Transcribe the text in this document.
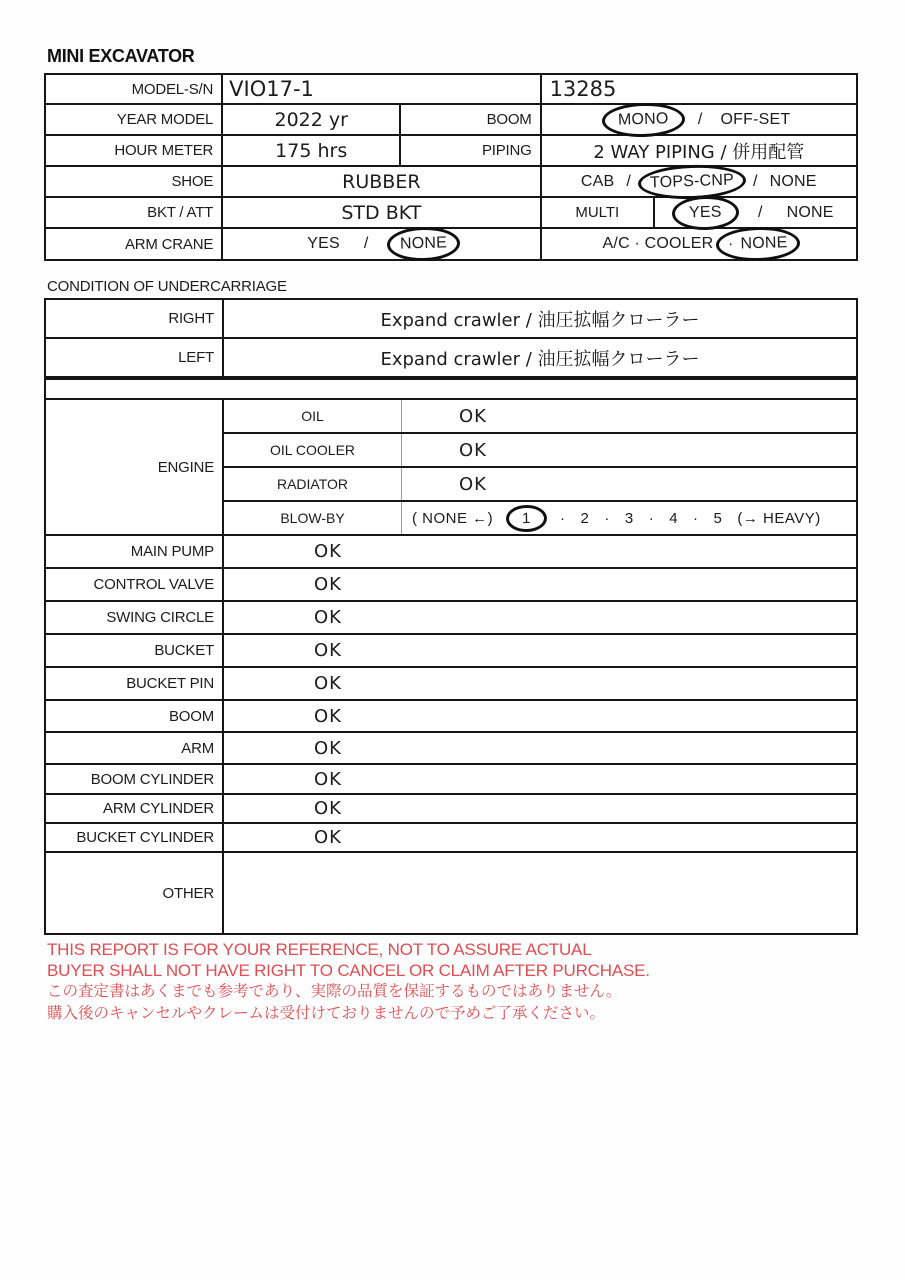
MINI EXCAVATOR
MODEL-S/N VIO17-1	13285
YEAR MODEL	2022 yr	BOOM	MONO / OFF-SET
HOUR METER	175 hrs	PIPING	2 WAY PIPING / 併用配管
SHOE	RUBBER	CAB / TOPS-CNP / NONE
BKT / ATT	STD BKT	MULTI	YES / NONE
ARM CRANE	YES / NONE	A/C · COOLER · NONE
CONDITION OF UNDERCARRIAGE
RIGHT	Expand crawler / 油圧拡幅クローラー
LEFT	Expand crawler / 油圧拡幅クローラー
ENGINE
OIL	OK
OIL COOLER	OK
RADIATOR	OK
BLOW-BY	( NONE ←) 1 · 2 · 3 · 4 · 5 (→ HEAVY)
MAIN PUMP	OK
CONTROL VALVE	OK
SWING CIRCLE	OK
BUCKET	OK
BUCKET PIN	OK
BOOM	OK
ARM	OK
BOOM CYLINDER	OK
ARM CYLINDER	OK
BUCKET CYLINDER	OK
OTHER
THIS REPORT IS FOR YOUR REFERENCE, NOT TO ASSURE ACTUAL
BUYER SHALL NOT HAVE RIGHT TO CANCEL OR CLAIM AFTER PURCHASE.
この査定書はあくまでも参考であり、実際の品質を保証するものではありません。
購入後のキャンセルやクレームは受付けておりませんので予めご了承ください。
